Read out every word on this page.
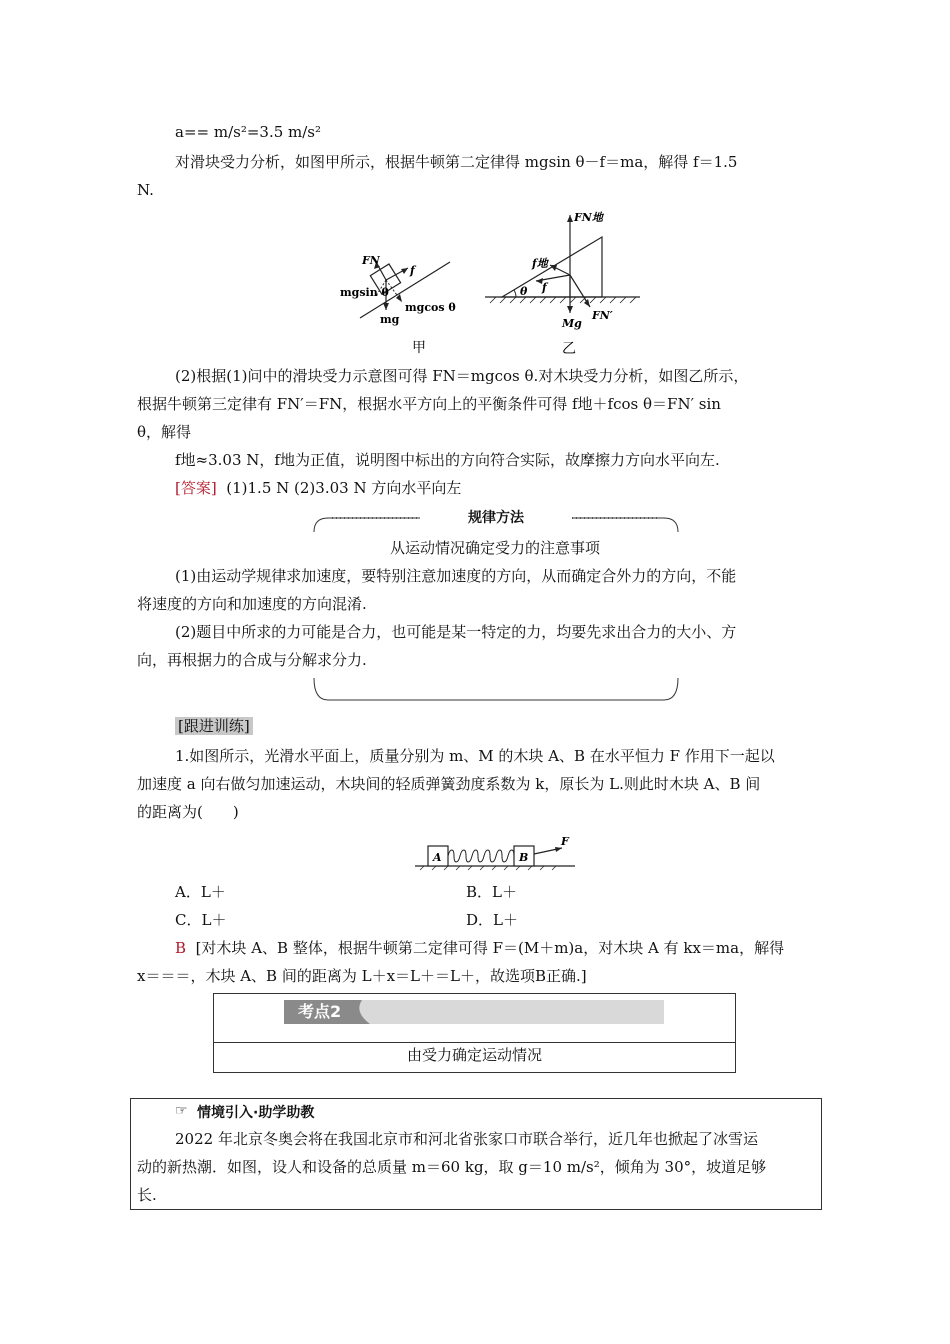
a== m/s²=3.5 m/s²
对滑块受力分析，如图甲所示，根据牛顿第二定律得 mgsin θ－f＝ma，解得 f＝1.5
N.
FN
f
mgsin θ
mgcos θ
mg
甲
FN地
f地
f
θ
Mg
FN′
乙
(2)根据(1)问中的滑块受力示意图可得 FN＝mgcos θ.对木块受力分析，如图乙所示，
根据牛顿第三定律有 FN′＝FN，根据水平方向上的平衡条件可得 f地＋fcos θ＝FN′ sin
θ，解得
f地≈3.03 N，f地为正值，说明图中标出的方向符合实际，故摩擦力方向水平向左.
[答案] (1)1.5 N (2)3.03 N 方向水平向左
规律方法
从运动情况确定受力的注意事项
(1)由运动学规律求加速度，要特别注意加速度的方向，从而确定合外力的方向，不能
将速度的方向和加速度的方向混淆.
(2)题目中所求的力可能是合力，也可能是某一特定的力，均要先求出合力的大小、方
向，再根据力的合成与分解求分力.
[跟进训练]
1.如图所示，光滑水平面上，质量分别为 m、M 的木块 A、B 在水平恒力 F 作用下一起以
加速度 a 向右做匀加速运动，木块间的轻质弹簧劲度系数为 k，原长为 L.则此时木块 A、B 间
的距离为(　　)
A	B
F
A．L＋	B．L＋
C．L＋	D．L＋
B [对木块 A、B 整体，根据牛顿第二定律可得 F＝(M＋m)a，对木块 A 有 kx＝ma，解得
x＝＝＝，木块 A、B 间的距离为 L＋x＝L＋＝L＋，故选项B正确.]
考点2
由受力确定运动情况
☞ 情境引入·助学助教
2022 年北京冬奥会将在我国北京市和河北省张家口市联合举行，近几年也掀起了冰雪运
动的新热潮．如图，设人和设备的总质量 m＝60 kg，取 g＝10 m/s²，倾角为 30°，坡道足够
长.
